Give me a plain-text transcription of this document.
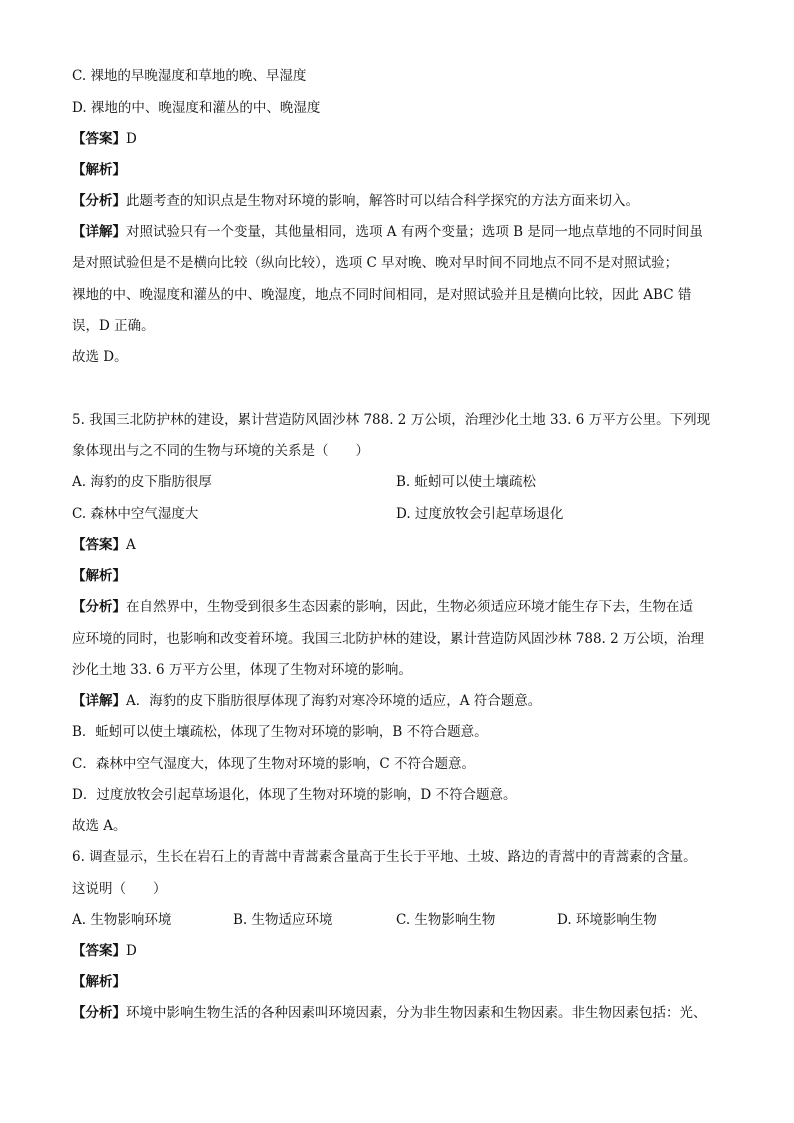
C. 裸地的早晚湿度和草地的晚、早湿度
D. 裸地的中、晚湿度和灌丛的中、晚湿度
【答案】D
【解析】
【分析】此题考查的知识点是生物对环境的影响，解答时可以结合科学探究的方法方面来切入。
【详解】对照试验只有一个变量，其他量相同，选项 A 有两个变量；选项 B 是同一地点草地的不同时间虽
是对照试验但是不是横向比较（纵向比较），选项 C 早对晚、晚对早时间不同地点不同不是对照试验；
裸地的中、晚湿度和灌丛的中、晚湿度，地点不同时间相同，是对照试验并且是横向比较，因此 ABC 错
误，D 正确。
故选 D。
5. 我国三北防护林的建设，累计营造防风固沙林 788. 2 万公顷，治理沙化土地 33. 6 万平方公里。下列现
象体现出与之不同的生物与环境的关系是（　　）
A. 海豹的皮下脂肪很厚	B. 蚯蚓可以使土壤疏松
C. 森林中空气湿度大	D. 过度放牧会引起草场退化
【答案】A
【解析】
【分析】在自然界中，生物受到很多生态因素的影响，因此，生物必须适应环境才能生存下去，生物在适
应环境的同时，也影响和改变着环境。我国三北防护林的建设，累计营造防风固沙林 788. 2 万公顷，治理
沙化土地 33. 6 万平方公里，体现了生物对环境的影响。
【详解】A．海豹的皮下脂肪很厚体现了海豹对寒冷环境的适应，A 符合题意。
B．蚯蚓可以使土壤疏松，体现了生物对环境的影响，B 不符合题意。
C．森林中空气湿度大，体现了生物对环境的影响，C 不符合题意。
D．过度放牧会引起草场退化，体现了生物对环境的影响，D 不符合题意。
故选 A。
6. 调查显示，生长在岩石上的青蒿中青蒿素含量高于生长于平地、土坡、路边的青蒿中的青蒿素的含量。
这说明（　　）
A. 生物影响环境	B. 生物适应环境	C. 生物影响生物	D. 环境影响生物
【答案】D
【解析】
【分析】环境中影响生物生活的各种因素叫环境因素，分为非生物因素和生物因素。非生物因素包括：光、
